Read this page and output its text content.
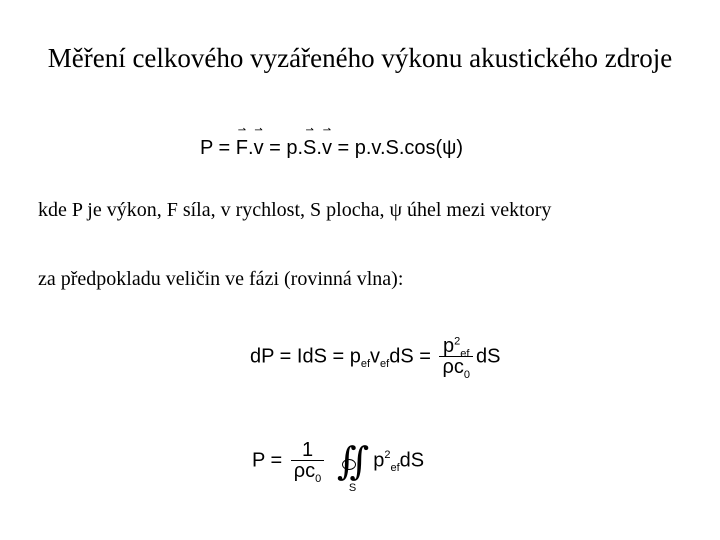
Měření celkového vyzářeného výkonu akustického zdroje
P =
⇀
F.
⇀
v = p.
⇀
S.
⇀
v = p.v.S.cos(ψ)
kde P je výkon, F síla, v rychlost, S plocha, ψ úhel mezi vektory
za předpokladu veličin ve fázi (rovinná vlna):
dP = IdS = $p_{ef}v_{ef}dS = \frac{p^2_{ef}}{\rho c_0}$ dS
$P = \frac{1}{\rho c_0}$ ∬
S
$p^2_{ef}dS$
